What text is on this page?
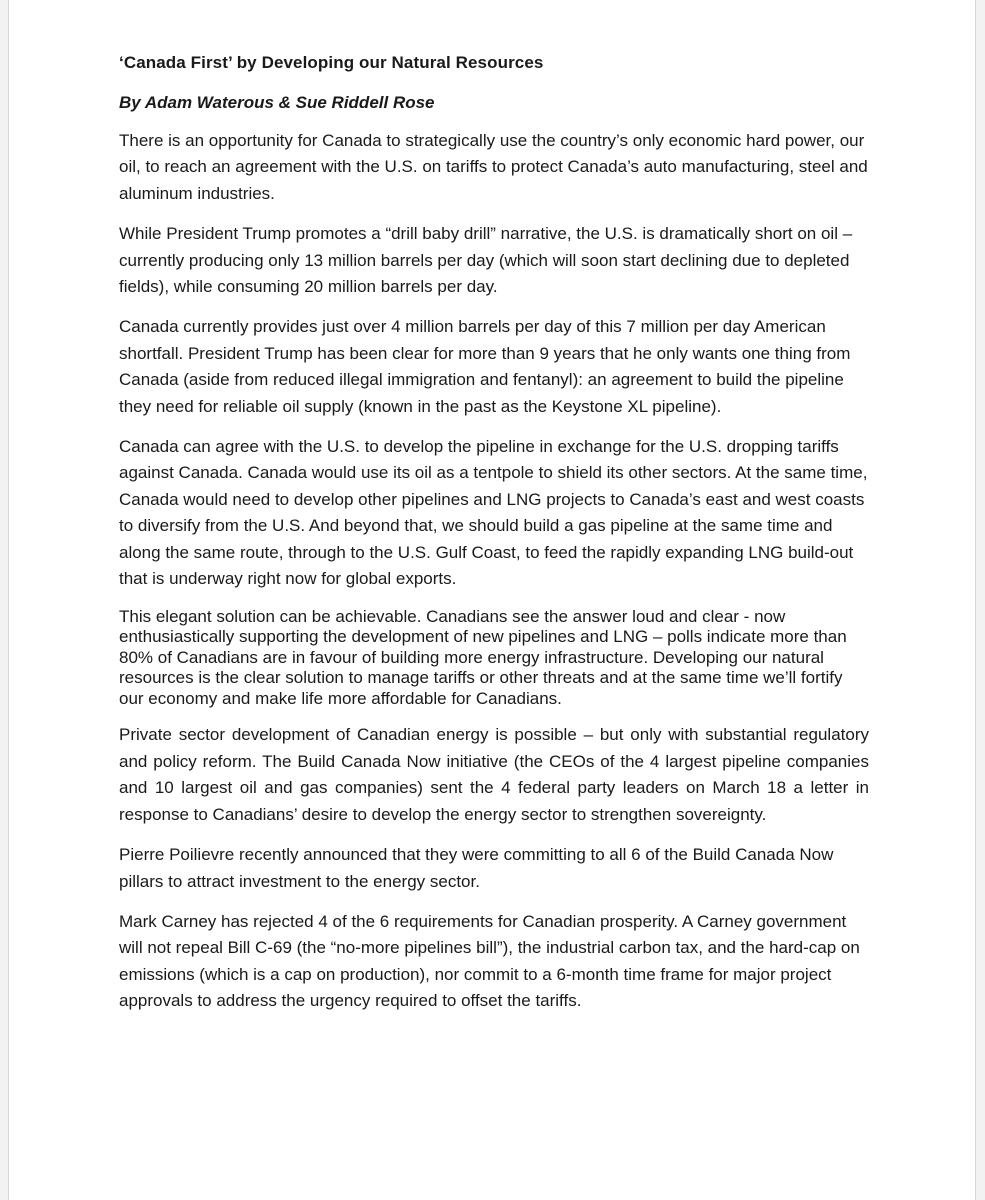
‘Canada First’ by Developing our Natural Resources
By Adam Waterous & Sue Riddell Rose

There is an opportunity for Canada to strategically use the country’s only economic hard power, our oil, to reach an agreement with the U.S. on tariffs to protect Canada’s auto manufacturing, steel and aluminum industries.

While President Trump promotes a “drill baby drill” narrative, the U.S. is dramatically short on oil – currently producing only 13 million barrels per day (which will soon start declining due to depleted fields), while consuming 20 million barrels per day.

Canada currently provides just over 4 million barrels per day of this 7 million per day American shortfall. President Trump has been clear for more than 9 years that he only wants one thing from Canada (aside from reduced illegal immigration and fentanyl): an agreement to build the pipeline they need for reliable oil supply (known in the past as the Keystone XL pipeline).

Canada can agree with the U.S. to develop the pipeline in exchange for the U.S. dropping tariffs against Canada. Canada would use its oil as a tentpole to shield its other sectors. At the same time, Canada would need to develop other pipelines and LNG projects to Canada’s east and west coasts to diversify from the U.S. And beyond that, we should build a gas pipeline at the same time and along the same route, through to the U.S. Gulf Coast, to feed the rapidly expanding LNG build-out that is underway right now for global exports.

This elegant solution can be achievable. Canadians see the answer loud and clear - now enthusiastically supporting the development of new pipelines and LNG – polls indicate more than 80% of Canadians are in favour of building more energy infrastructure. Developing our natural resources is the clear solution to manage tariffs or other threats and at the same time we’ll fortify our economy and make life more affordable for Canadians.

Private sector development of Canadian energy is possible – but only with substantial regulatory and policy reform. The Build Canada Now initiative (the CEOs of the 4 largest pipeline companies and 10 largest oil and gas companies) sent the 4 federal party leaders on March 18 a letter in response to Canadians’ desire to develop the energy sector to strengthen sovereignty.

Pierre Poilievre recently announced that they were committing to all 6 of the Build Canada Now pillars to attract investment to the energy sector.

Mark Carney has rejected 4 of the 6 requirements for Canadian prosperity. A Carney government will not repeal Bill C-69 (the “no-more pipelines bill”), the industrial carbon tax, and the hard-cap on emissions (which is a cap on production), nor commit to a 6-month time frame for major project approvals to address the urgency required to offset the tariffs.
